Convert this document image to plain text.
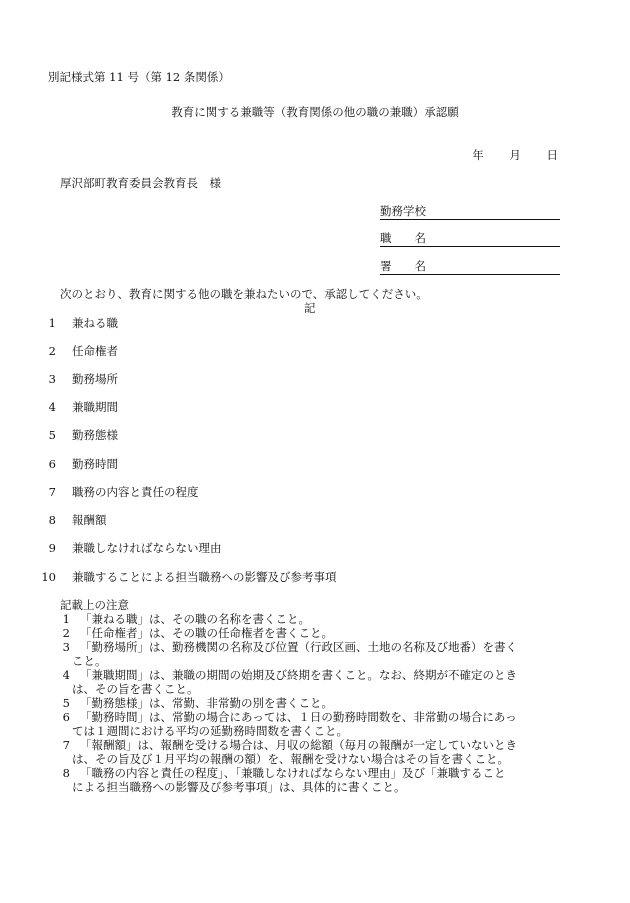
別記様式第 11 号（第 12 条関係）
教育に関する兼職等（教育関係の他の職の兼職）承認願
年 月 日
厚沢部町教育委員会教育長　様
勤務学校
職　　名
署　　名
次のとおり、教育に関する他の職を兼ねたいので、承認してください。
記
1 兼ねる職
2 任命権者
3 勤務場所
4 兼職期間
5 勤務態様
6 勤務時間
7 職務の内容と責任の程度
8 報酬額
9 兼職しなければならない理由
10 兼職することによる担当職務への影響及び参考事項
記載上の注意
1 「兼ねる職」は、その職の名称を書くこと。
2 「任命権者」は、その職の任命権者を書くこと。
3 「勤務場所」は、勤務機関の名称及び位置（行政区画、土地の名称及び地番）を書く
こと。
4 「兼職期間」は、兼職の期間の始期及び終期を書くこと。なお、終期が不確定のとき
は、その旨を書くこと。
5 「勤務態様」は、常勤、非常勤の別を書くこと。
6 「勤務時間」は、常勤の場合にあっては、１日の勤務時間数を、非常勤の場合にあっ
ては１週間における平均の延勤務時間数を書くこと。
7 「報酬額」は、報酬を受ける場合は、月収の総額（毎月の報酬が一定していないとき
は、その旨及び１月平均の報酬の額）を、報酬を受けない場合はその旨を書くこと。
8 「職務の内容と責任の程度」、「兼職しなければならない理由」及び「兼職すること
による担当職務への影響及び参考事項」は、具体的に書くこと。
